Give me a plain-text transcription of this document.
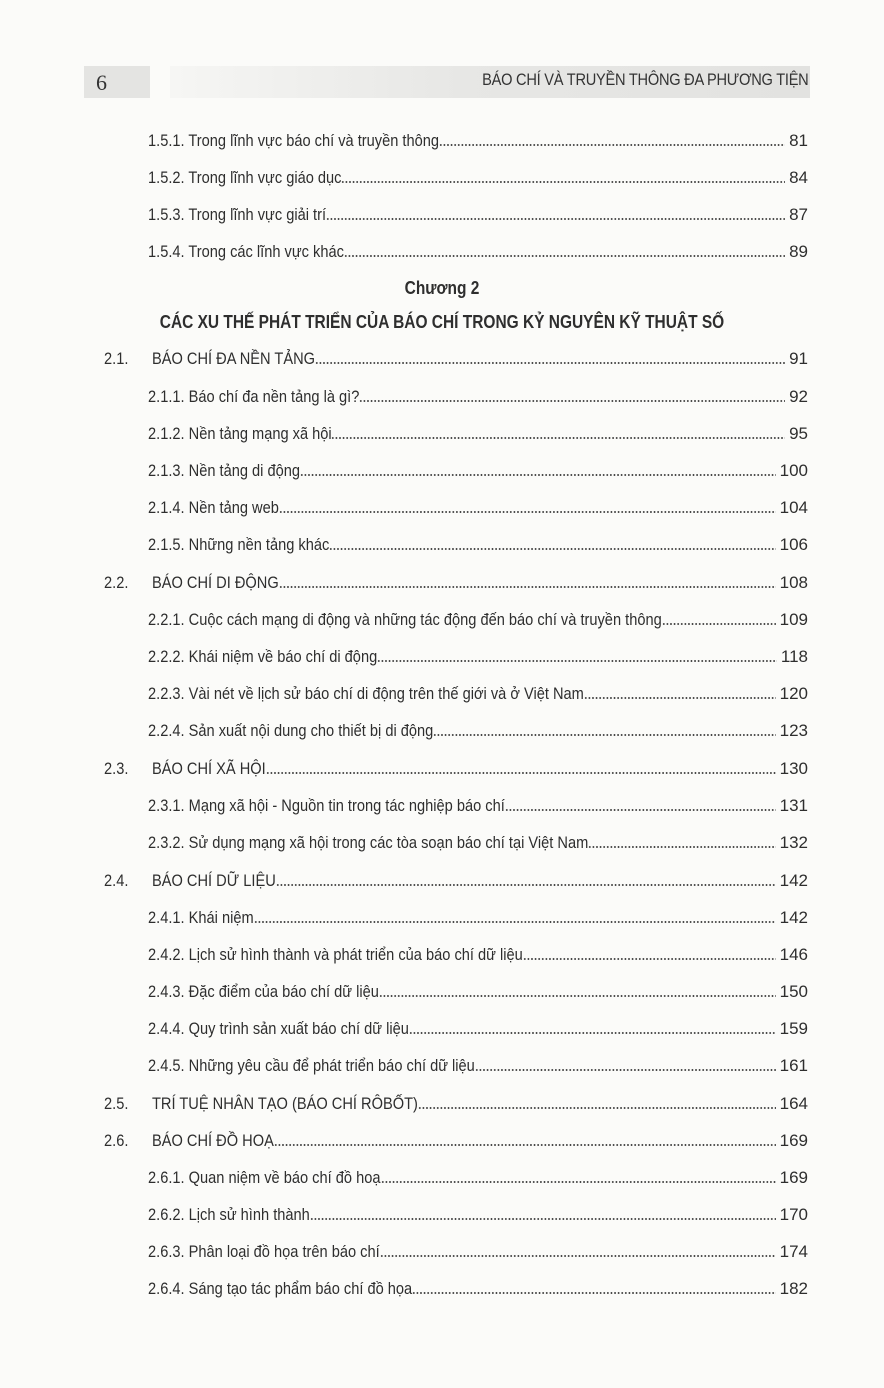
6	BÁO CHÍ VÀ TRUYỀN THÔNG ĐA PHƯƠNG TIỆN
Chương 2
CÁC XU THẾ PHÁT TRIỂN CỦA BÁO CHÍ TRONG KỶ NGUYÊN KỸ THUẬT SỐ
1.5.1. Trong lĩnh vực báo chí và truyền thông	81
1.5.2. Trong lĩnh vực giáo dục	84
1.5.3. Trong lĩnh vực giải trí	87
1.5.4. Trong các lĩnh vực khác	89
2.1. BÁO CHÍ ĐA NỀN TẢNG	91
2.1.1. Báo chí đa nền tảng là gì?	92
2.1.2. Nền tảng mạng xã hội	95
2.1.3. Nền tảng di động	100
2.1.4. Nền tảng web	104
2.1.5. Những nền tảng khác	106
2.2. BÁO CHÍ DI ĐỘNG	108
2.2.1. Cuộc cách mạng di động và những tác động đến báo chí và truyền thông	109
2.2.2. Khái niệm về báo chí di động	118
2.2.3. Vài nét về lịch sử báo chí di động trên thế giới và ở Việt Nam	120
2.2.4. Sản xuất nội dung cho thiết bị di động	123
2.3. BÁO CHÍ XÃ HỘI	130
2.3.1. Mạng xã hội - Nguồn tin trong tác nghiệp báo chí	131
2.3.2. Sử dụng mạng xã hội trong các tòa soạn báo chí tại Việt Nam	132
2.4. BÁO CHÍ DỮ LIỆU	142
2.4.1. Khái niệm	142
2.4.2. Lịch sử hình thành và phát triển của báo chí dữ liệu	146
2.4.3. Đặc điểm của báo chí dữ liệu	150
2.4.4. Quy trình sản xuất báo chí dữ liệu	159
2.4.5. Những yêu cầu để phát triển báo chí dữ liệu	161
2.5. TRÍ TUỆ NHÂN TẠO (BÁO CHÍ RÔBỐT)	164
2.6. BÁO CHÍ ĐỒ HOẠ	169
2.6.1. Quan niệm về báo chí đồ hoạ	169
2.6.2. Lịch sử hình thành	170
2.6.3. Phân loại đồ họa trên báo chí	174
2.6.4. Sáng tạo tác phẩm báo chí đồ họa	182
